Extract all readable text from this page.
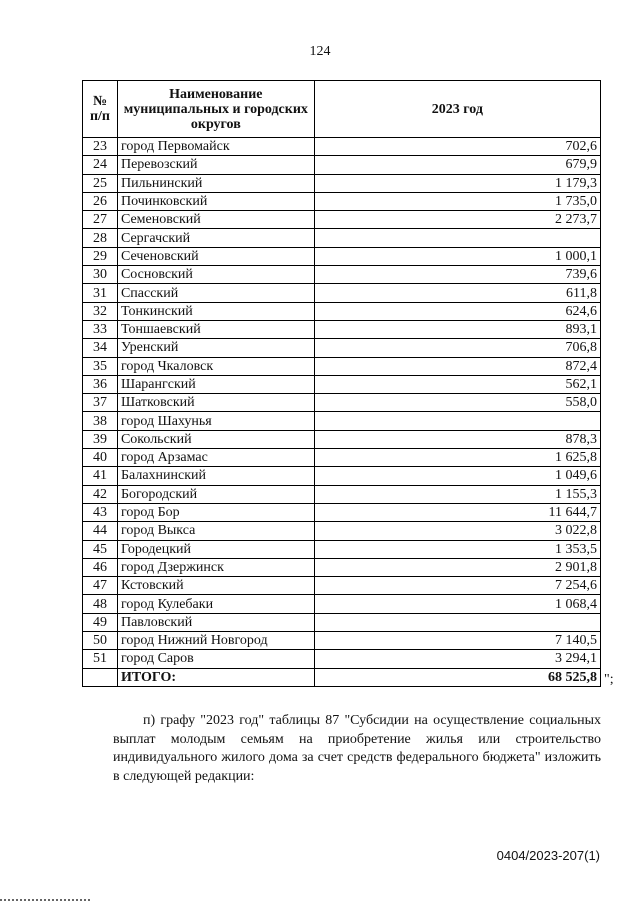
124
№ п/п	Наименование муниципальных и городских округов	2023 год
23	город Первомайск	702,6
24	Перевозский	679,9
25	Пильнинский	1 179,3
26	Починковский	1 735,0
27	Семеновский	2 273,7
28	Сергачский	
29	Сеченовский	1 000,1
30	Сосновский	739,6
31	Спасский	611,8
32	Тонкинский	624,6
33	Тоншаевский	893,1
34	Уренский	706,8
35	город Чкаловск	872,4
36	Шарангский	562,1
37	Шатковский	558,0
38	город Шахунья	
39	Сокольский	878,3
40	город Арзамас	1 625,8
41	Балахнинский	1 049,6
42	Богородский	1 155,3
43	город Бор	11 644,7
44	город Выкса	3 022,8
45	Городецкий	1 353,5
46	город Дзержинск	2 901,8
47	Кстовский	7 254,6
48	город Кулебаки	1 068,4
49	Павловский	
50	город Нижний Новгород	7 140,5
51	город Саров	3 294,1
	ИТОГО:	68 525,8 ";
п) графу "2023 год" таблицы 87 "Субсидии на осуществление социальных выплат молодым семьям на приобретение жилья или строительство индивидуального жилого дома за счет средств федерального бюджета" изложить в следующей редакции:
0404/2023-207(1)
